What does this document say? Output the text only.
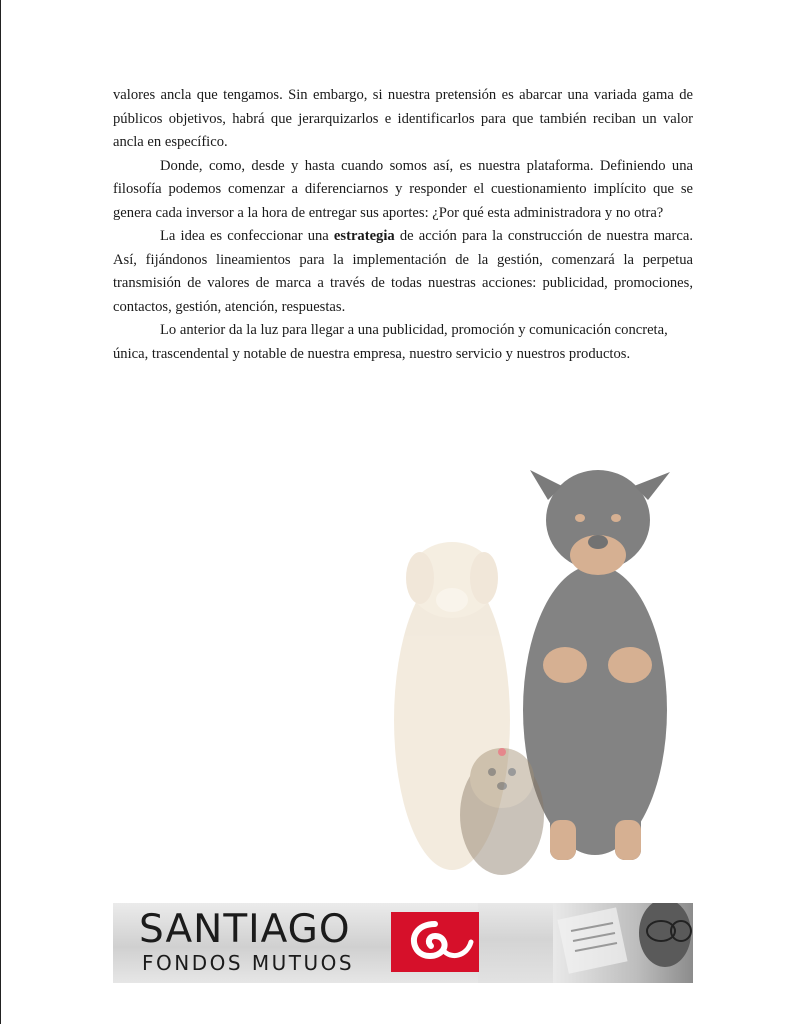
valores ancla que tengamos. Sin embargo, si nuestra pretensión es abarcar una variada gama de públicos objetivos, habrá que jerarquizarlos e identificarlos para que también reciban un valor ancla en específico.

Donde, como, desde y hasta cuando somos así, es nuestra plataforma. Definiendo una filosofía podemos comenzar a diferenciarnos y responder el cuestionamiento implícito que se genera cada inversor a la hora de entregar sus aportes: ¿Por qué esta administradora y no otra?

La idea es confeccionar una estrategia de acción para la construcción de nuestra marca. Así, fijándonos lineamientos para la implementación de la gestión, comenzará la perpetua transmisión de valores de marca a través de todas nuestras acciones: publicidad, promociones, contactos, gestión, atención, respuestas.

Lo anterior da la luz para llegar a una publicidad, promoción y comunicación concreta, única, trascendental y notable de nuestra empresa, nuestro servicio y nuestros productos.

SANTIAGO
FONDOS MUTUOS
